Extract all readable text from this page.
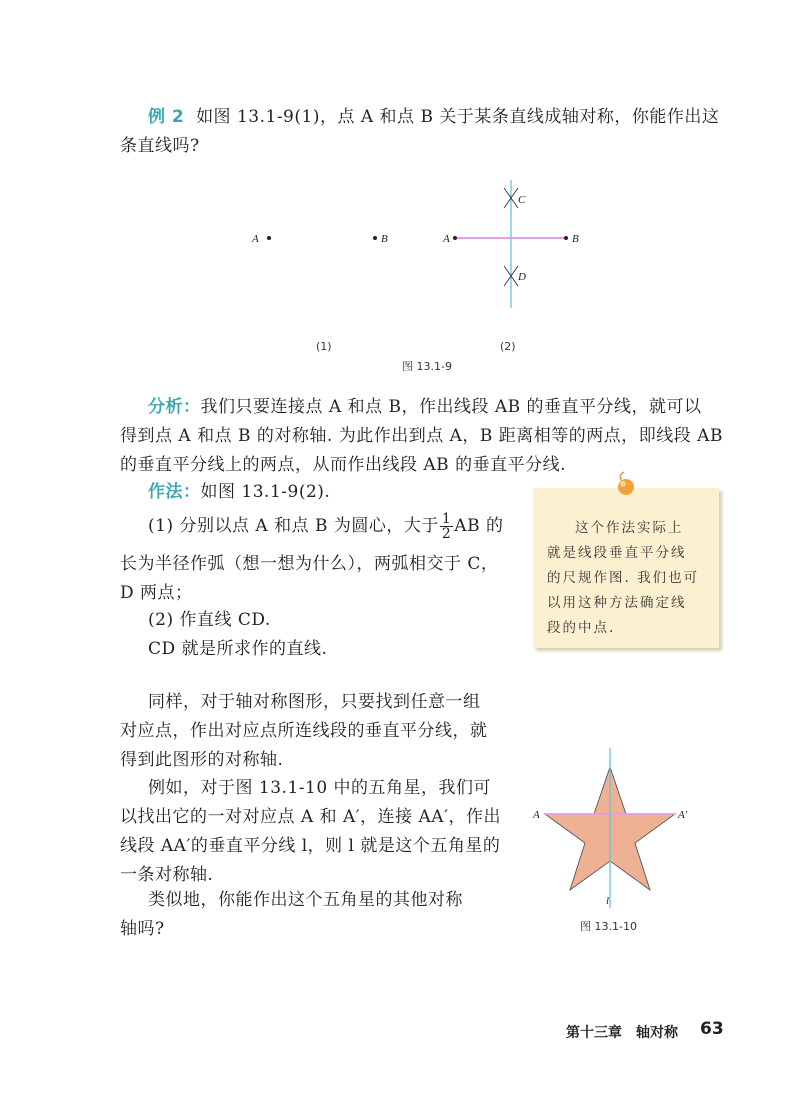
例 2 如图 13.1-9(1)，点 A 和点 B 关于某条直线成轴对称，你能作出这
条直线吗?
A	B	A	B
C
D
(1)	(2)
图 13.1-9
分析：我们只要连接点 A 和点 B，作出线段 AB 的垂直平分线，就可以
得到点 A 和点 B 的对称轴. 为此作出到点 A，B 距离相等的两点，即线段 AB
的垂直平分线上的两点，从而作出线段 AB 的垂直平分线.
作法：如图 13.1-9(2).
(1) 分别以点 A 和点 B 为圆心，大于 $\frac{1}{2}$ AB 的
长为半径作弧（想一想为什么），两弧相交于 C，
D 两点；
(2) 作直线 CD.
CD 就是所求作的直线.
这个作法实际上
就是线段垂直平分线
的尺规作图. 我们也可
以用这种方法确定线
段的中点.
同样，对于轴对称图形，只要找到任意一组
对应点，作出对应点所连线段的垂直平分线，就
得到此图形的对称轴.
例如，对于图 13.1-10 中的五角星，我们可
以找出它的一对对应点 A 和 A′，连接 AA′，作出
线段 AA′的垂直平分线 l，则 l 就是这个五角星的
一条对称轴.
类似地，你能作出这个五角星的其他对称
轴吗?
A	A′
l
图 13.1-10
第十三章　轴对称 63
